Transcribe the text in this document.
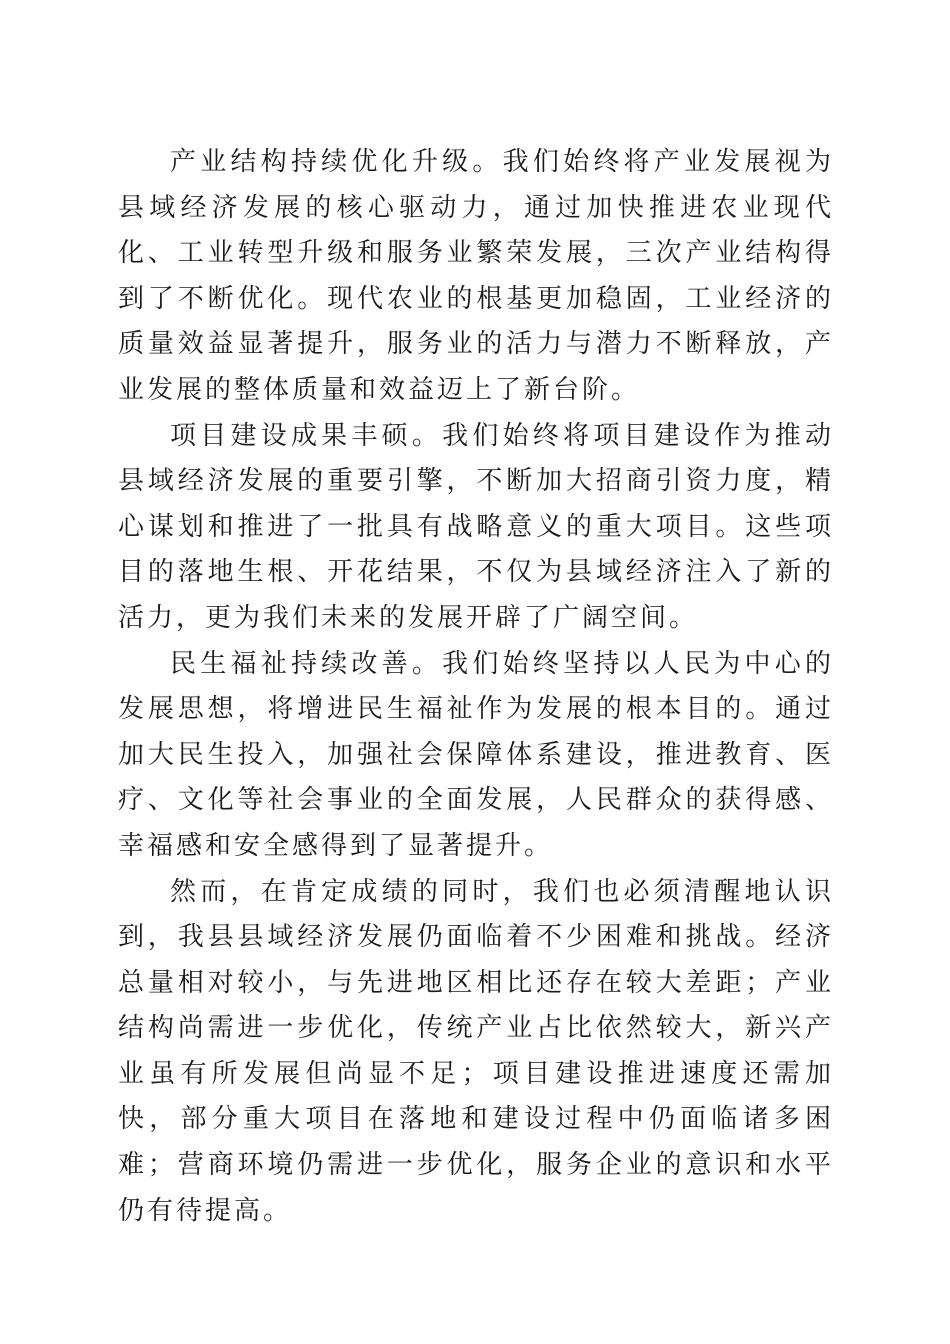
产业结构持续优化升级。我们始终将产业发展视为县域经济发展的核心驱动力，通过加快推进农业现代化、工业转型升级和服务业繁荣发展，三次产业结构得到了不断优化。现代农业的根基更加稳固，工业经济的质量效益显著提升，服务业的活力与潜力不断释放，产业发展的整体质量和效益迈上了新台阶。

项目建设成果丰硕。我们始终将项目建设作为推动县域经济发展的重要引擎，不断加大招商引资力度，精心谋划和推进了一批具有战略意义的重大项目。这些项目的落地生根、开花结果，不仅为县域经济注入了新的活力，更为我们未来的发展开辟了广阔空间。

民生福祉持续改善。我们始终坚持以人民为中心的发展思想，将增进民生福祉作为发展的根本目的。通过加大民生投入，加强社会保障体系建设，推进教育、医疗、文化等社会事业的全面发展，人民群众的获得感、幸福感和安全感得到了显著提升。

然而，在肯定成绩的同时，我们也必须清醒地认识到，我县县域经济发展仍面临着不少困难和挑战。经济总量相对较小，与先进地区相比还存在较大差距；产业结构尚需进一步优化，传统产业占比依然较大，新兴产业虽有所发展但尚显不足；项目建设推进速度还需加快，部分重大项目在落地和建设过程中仍面临诸多困难；营商环境仍需进一步优化，服务企业的意识和水平仍有待提高。
